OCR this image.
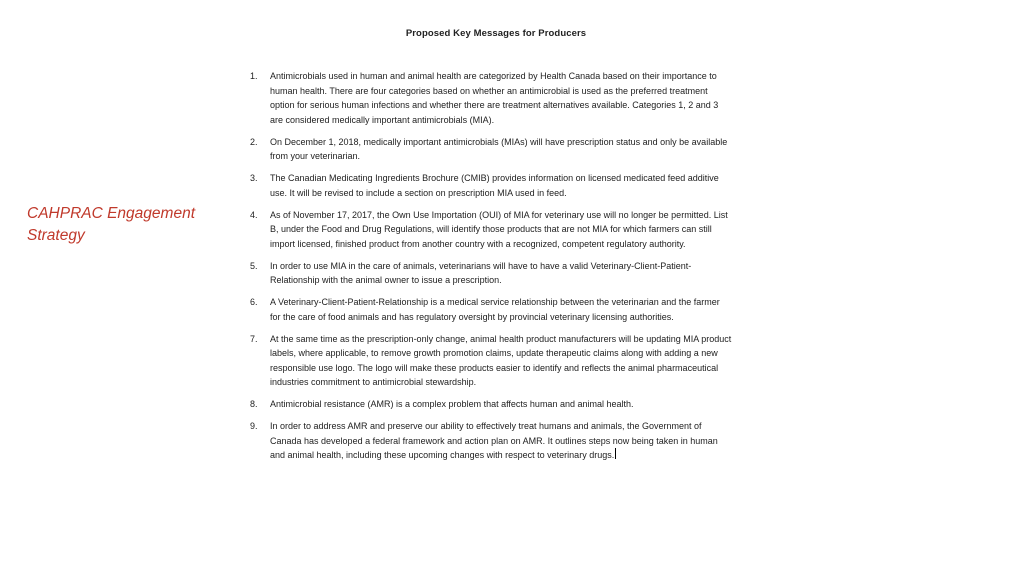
CAHPRAC Engagement Strategy
Proposed Key Messages for Producers
1.	Antimicrobials used in human and animal health are categorized by Health Canada based on their importance to human health. There are four categories based on whether an antimicrobial is used as the preferred treatment option for serious human infections and whether there are treatment alternatives available. Categories 1, 2 and 3 are considered medically important antimicrobials (MIA).
2.	On December 1, 2018, medically important antimicrobials (MIAs) will have prescription status and only be available from your veterinarian.
3.	The Canadian Medicating Ingredients Brochure (CMIB) provides information on licensed medicated feed additive use. It will be revised to include a section on prescription MIA used in feed.
4.	As of November 17, 2017, the Own Use Importation (OUI) of MIA for veterinary use will no longer be permitted. List B, under the Food and Drug Regulations, will identify those products that are not MIA for which farmers can still import licensed, finished product from another country with a recognized, competent regulatory authority.
5.	In order to use MIA in the care of animals, veterinarians will have to have a valid Veterinary-Client-Patient-Relationship with the animal owner to issue a prescription.
6.	A Veterinary-Client-Patient-Relationship is a medical service relationship between the veterinarian and the farmer for the care of food animals and has regulatory oversight by provincial veterinary licensing authorities.
7.	At the same time as the prescription-only change, animal health product manufacturers will be updating MIA product labels, where applicable, to remove growth promotion claims, update therapeutic claims along with adding a new responsible use logo. The logo will make these products easier to identify and reflects the animal pharmaceutical industries commitment to antimicrobial stewardship.
8.	Antimicrobial resistance (AMR) is a complex problem that affects human and animal health.
9.	In order to address AMR and preserve our ability to effectively treat humans and animals, the Government of Canada has developed a federal framework and action plan on AMR. It outlines steps now being taken in human and animal health, including these upcoming changes with respect to veterinary drugs.
